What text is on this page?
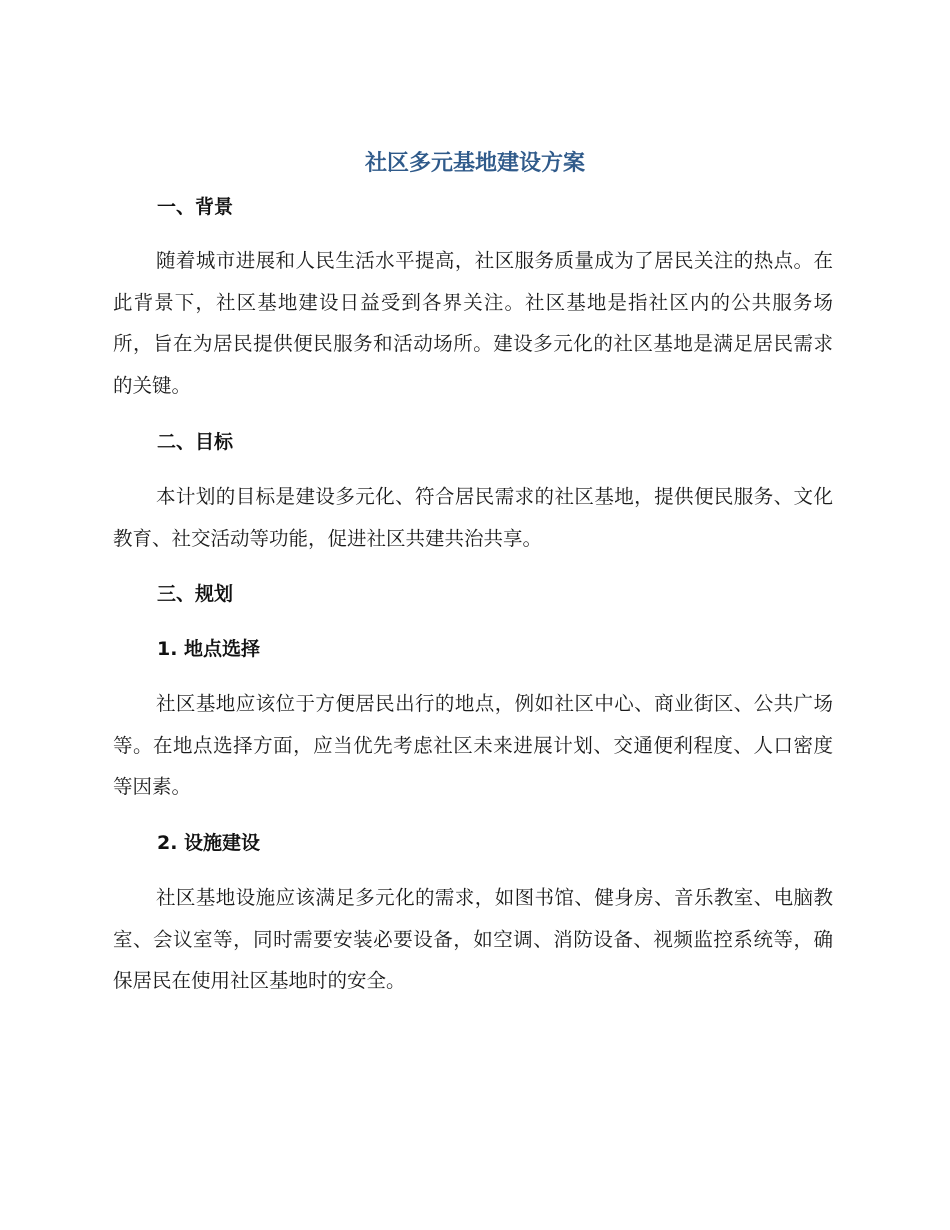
社区多元基地建设方案
一、背景

随着城市进展和人民生活水平提高，社区服务质量成为了居民关注的热点。在此背景下，社区基地建设日益受到各界关注。社区基地是指社区内的公共服务场所，旨在为居民提供便民服务和活动场所。建设多元化的社区基地是满足居民需求的关键。

二、目标

本计划的目标是建设多元化、符合居民需求的社区基地，提供便民服务、文化教育、社交活动等功能，促进社区共建共治共享。

三、规划
1. 地点选择

社区基地应该位于方便居民出行的地点，例如社区中心、商业街区、公共广场等。在地点选择方面，应当优先考虑社区未来进展计划、交通便利程度、人口密度等因素。

2. 设施建设

社区基地设施应该满足多元化的需求，如图书馆、健身房、音乐教室、电脑教室、会议室等，同时需要安装必要设备，如空调、消防设备、视频监控系统等，确保居民在使用社区基地时的安全。
